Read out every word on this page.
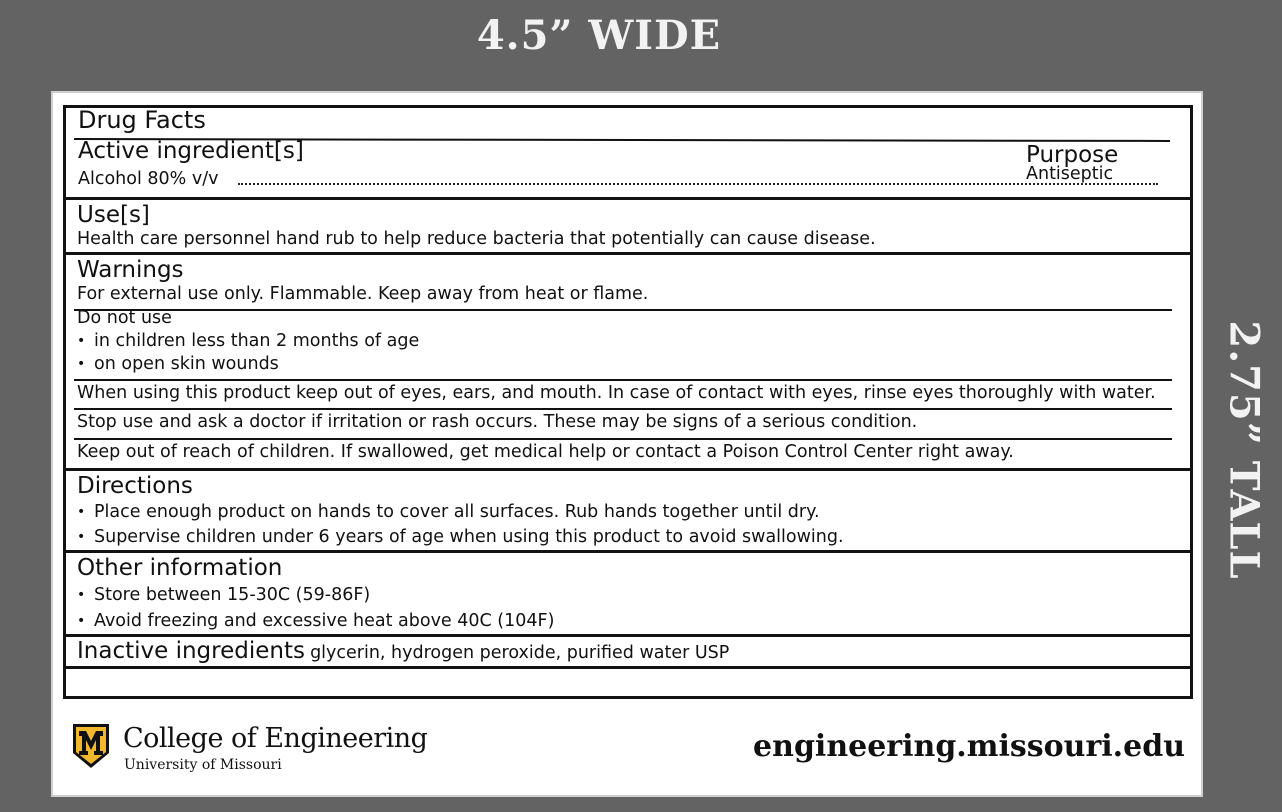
4.5” WIDE
2.75” TALL
Drug Facts
Active ingredient[s]
Alcohol 80% v/v
Purpose
Antiseptic
Use[s]
Health care personnel hand rub to help reduce bacteria that potentially can cause disease.
Warnings
For external use only. Flammable. Keep away from heat or flame.
Do not use
• in children less than 2 months of age
• on open skin wounds
When using this product keep out of eyes, ears, and mouth. In case of contact with eyes, rinse eyes thoroughly with water.
Stop use and ask a doctor if irritation or rash occurs. These may be signs of a serious condition.
Keep out of reach of children. If swallowed, get medical help or contact a Poison Control Center right away.
Directions
• Place enough product on hands to cover all surfaces. Rub hands together until dry.
• Supervise children under 6 years of age when using this product to avoid swallowing.
Other information
• Store between 15-30C (59-86F)
• Avoid freezing and excessive heat above 40C (104F)
Inactive ingredients glycerin, hydrogen peroxide, purified water USP
College of Engineering
University of Missouri
engineering.missouri.edu
